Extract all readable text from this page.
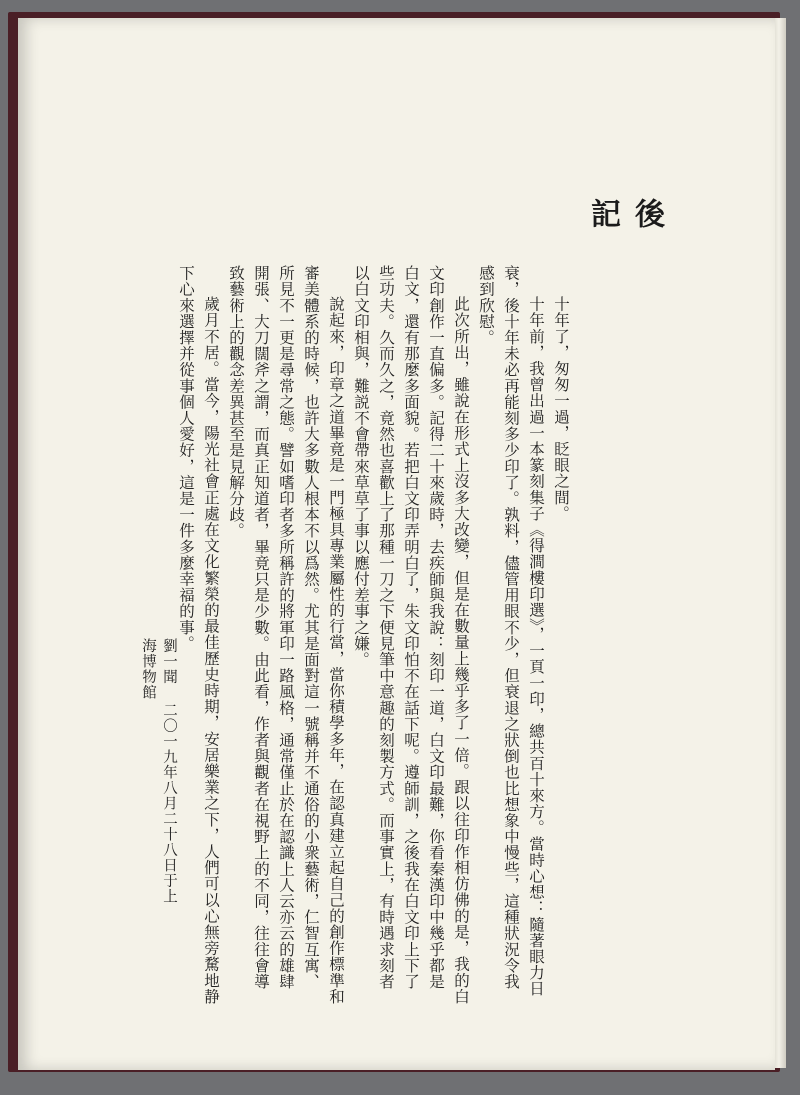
後記

十年了，匆匆一過，眨眼之間。

十年前，我曾出過一本篆刻集子《得澗樓印選》，一頁一印，總共百十來方。當時心想：隨著眼力日衰，後十年未必再能刻多少印了。孰料，儘管用眼不少，但衰退之狀倒也比想象中慢些，這種狀況令我感到欣慰。

此次所出，雖說在形式上沒多大改變，但是在數量上幾乎多了一倍。跟以往印作相仿佛的是，我的白文印創作一直偏多。記得二十來歲時，去疾師與我說：刻印一道，白文印最難，你看秦漢印中幾乎都是白文，還有那麼多面貌。若把白文印弄明白了，朱文印怕不在話下呢。遵師訓，之後我在白文印上下了些功夫。久而久之，竟然也喜歡上了那種一刀之下便見筆中意趣的刻製方式。而事實上，有時遇求刻者以白文印相與，難説不會帶來草草了事以應付差事之嫌。

說起來，印章之道畢竟是一門極具專業屬性的行當，當你積學多年，在認真建立起自己的創作標準和審美體系的時候，也許大多數人根本不以爲然。尤其是面對這一號稱并不通俗的小衆藝術，仁智互寓、所見不一更是尋常之態。譬如嗜印者多所稱許的將軍印一路風格，通常僅止於在認識上人云亦云的雄肆開張、大刀闊斧之謂，而真正知道者，畢竟只是少數。由此看，作者與觀者在視野上的不同，往往會導致藝術上的觀念差異甚至是見解分歧。

歲月不居。當今，陽光社會正處在文化繁榮的最佳歷史時期，安居樂業之下，人們可以心無旁騖地静下心來選擇并從事個人愛好，這是一件多麼幸福的事。

劉一聞二〇一九年八月二十八日于上海博物館
